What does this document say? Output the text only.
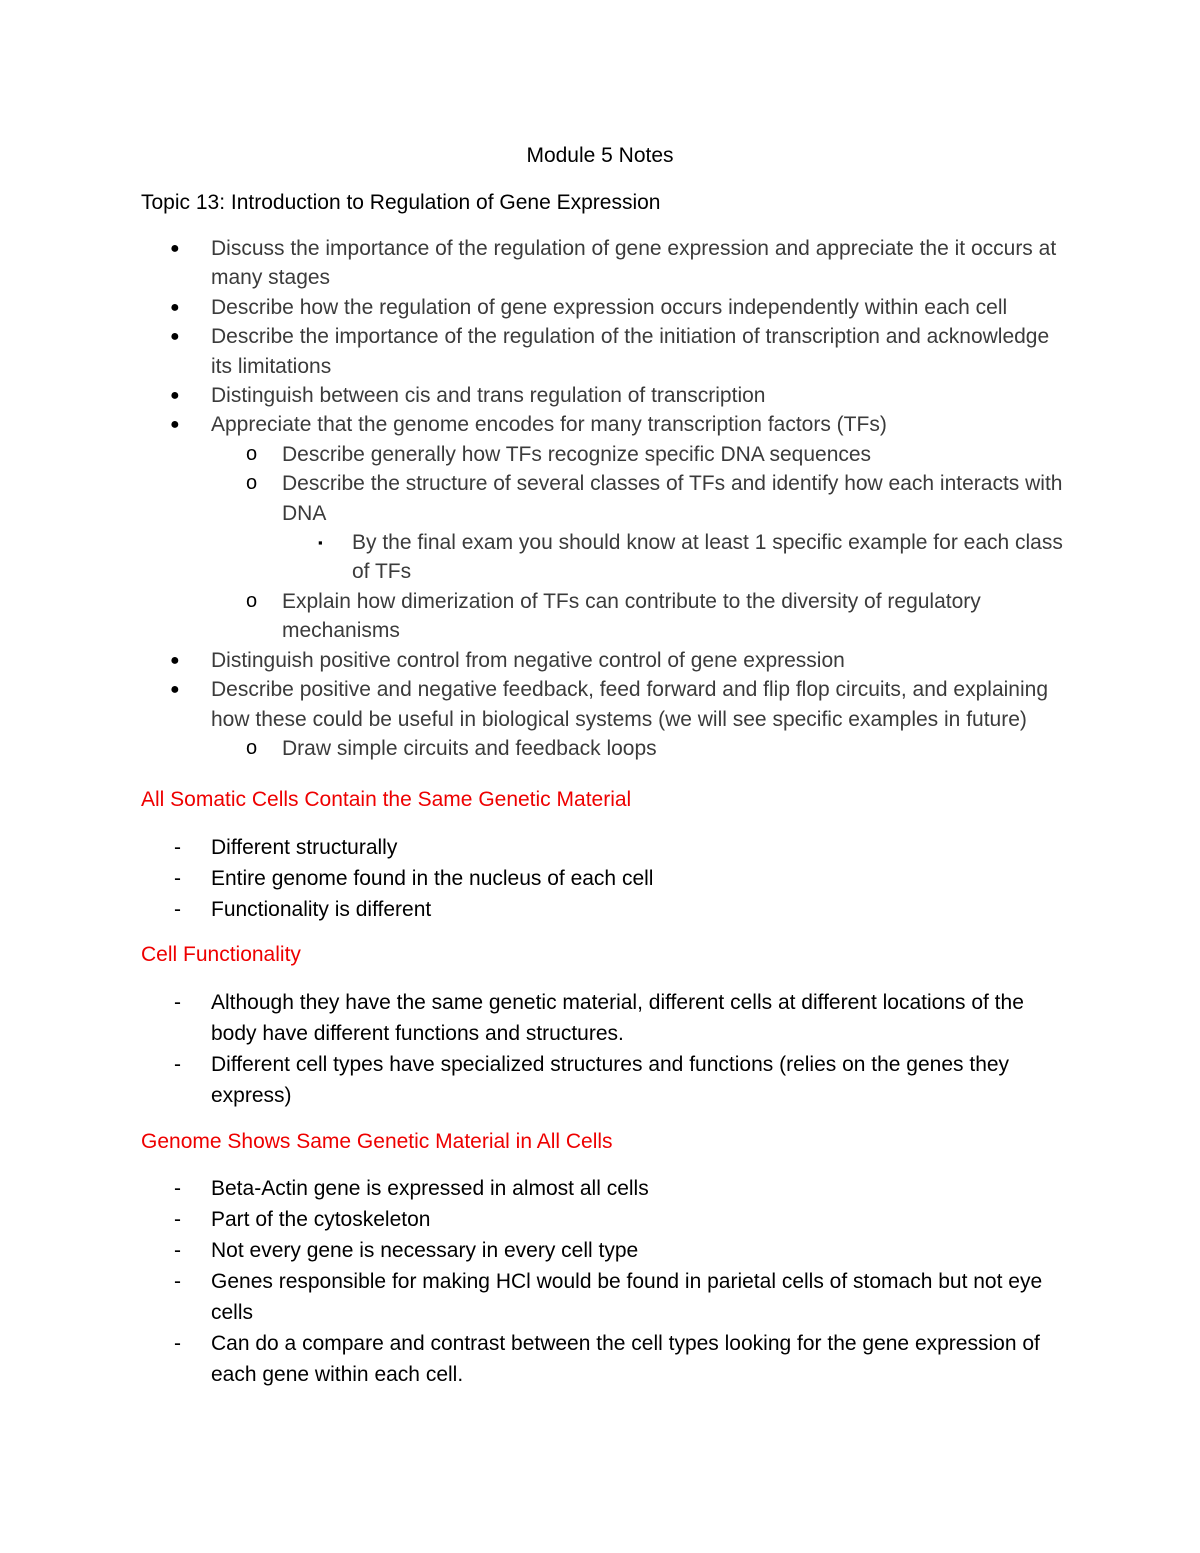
Module 5 Notes
Topic 13: Introduction to Regulation of Gene Expression
● Discuss the importance of the regulation of gene expression and appreciate the it occurs at many stages
● Describe how the regulation of gene expression occurs independently within each cell
● Describe the importance of the regulation of the initiation of transcription and acknowledge its limitations
● Distinguish between cis and trans regulation of transcription
● Appreciate that the genome encodes for many transcription factors (TFs)
o Describe generally how TFs recognize specific DNA sequences
o Describe the structure of several classes of TFs and identify how each interacts with DNA
▪ By the final exam you should know at least 1 specific example for each class of TFs
o Explain how dimerization of TFs can contribute to the diversity of regulatory mechanisms
● Distinguish positive control from negative control of gene expression
● Describe positive and negative feedback, feed forward and flip flop circuits, and explaining how these could be useful in biological systems (we will see specific examples in future)
o Draw simple circuits and feedback loops
All Somatic Cells Contain the Same Genetic Material
- Different structurally
- Entire genome found in the nucleus of each cell
- Functionality is different
Cell Functionality
- Although they have the same genetic material, different cells at different locations of the body have different functions and structures.
- Different cell types have specialized structures and functions (relies on the genes they express)
Genome Shows Same Genetic Material in All Cells
- Beta-Actin gene is expressed in almost all cells
- Part of the cytoskeleton
- Not every gene is necessary in every cell type
- Genes responsible for making HCl would be found in parietal cells of stomach but not eye cells
- Can do a compare and contrast between the cell types looking for the gene expression of each gene within each cell.
